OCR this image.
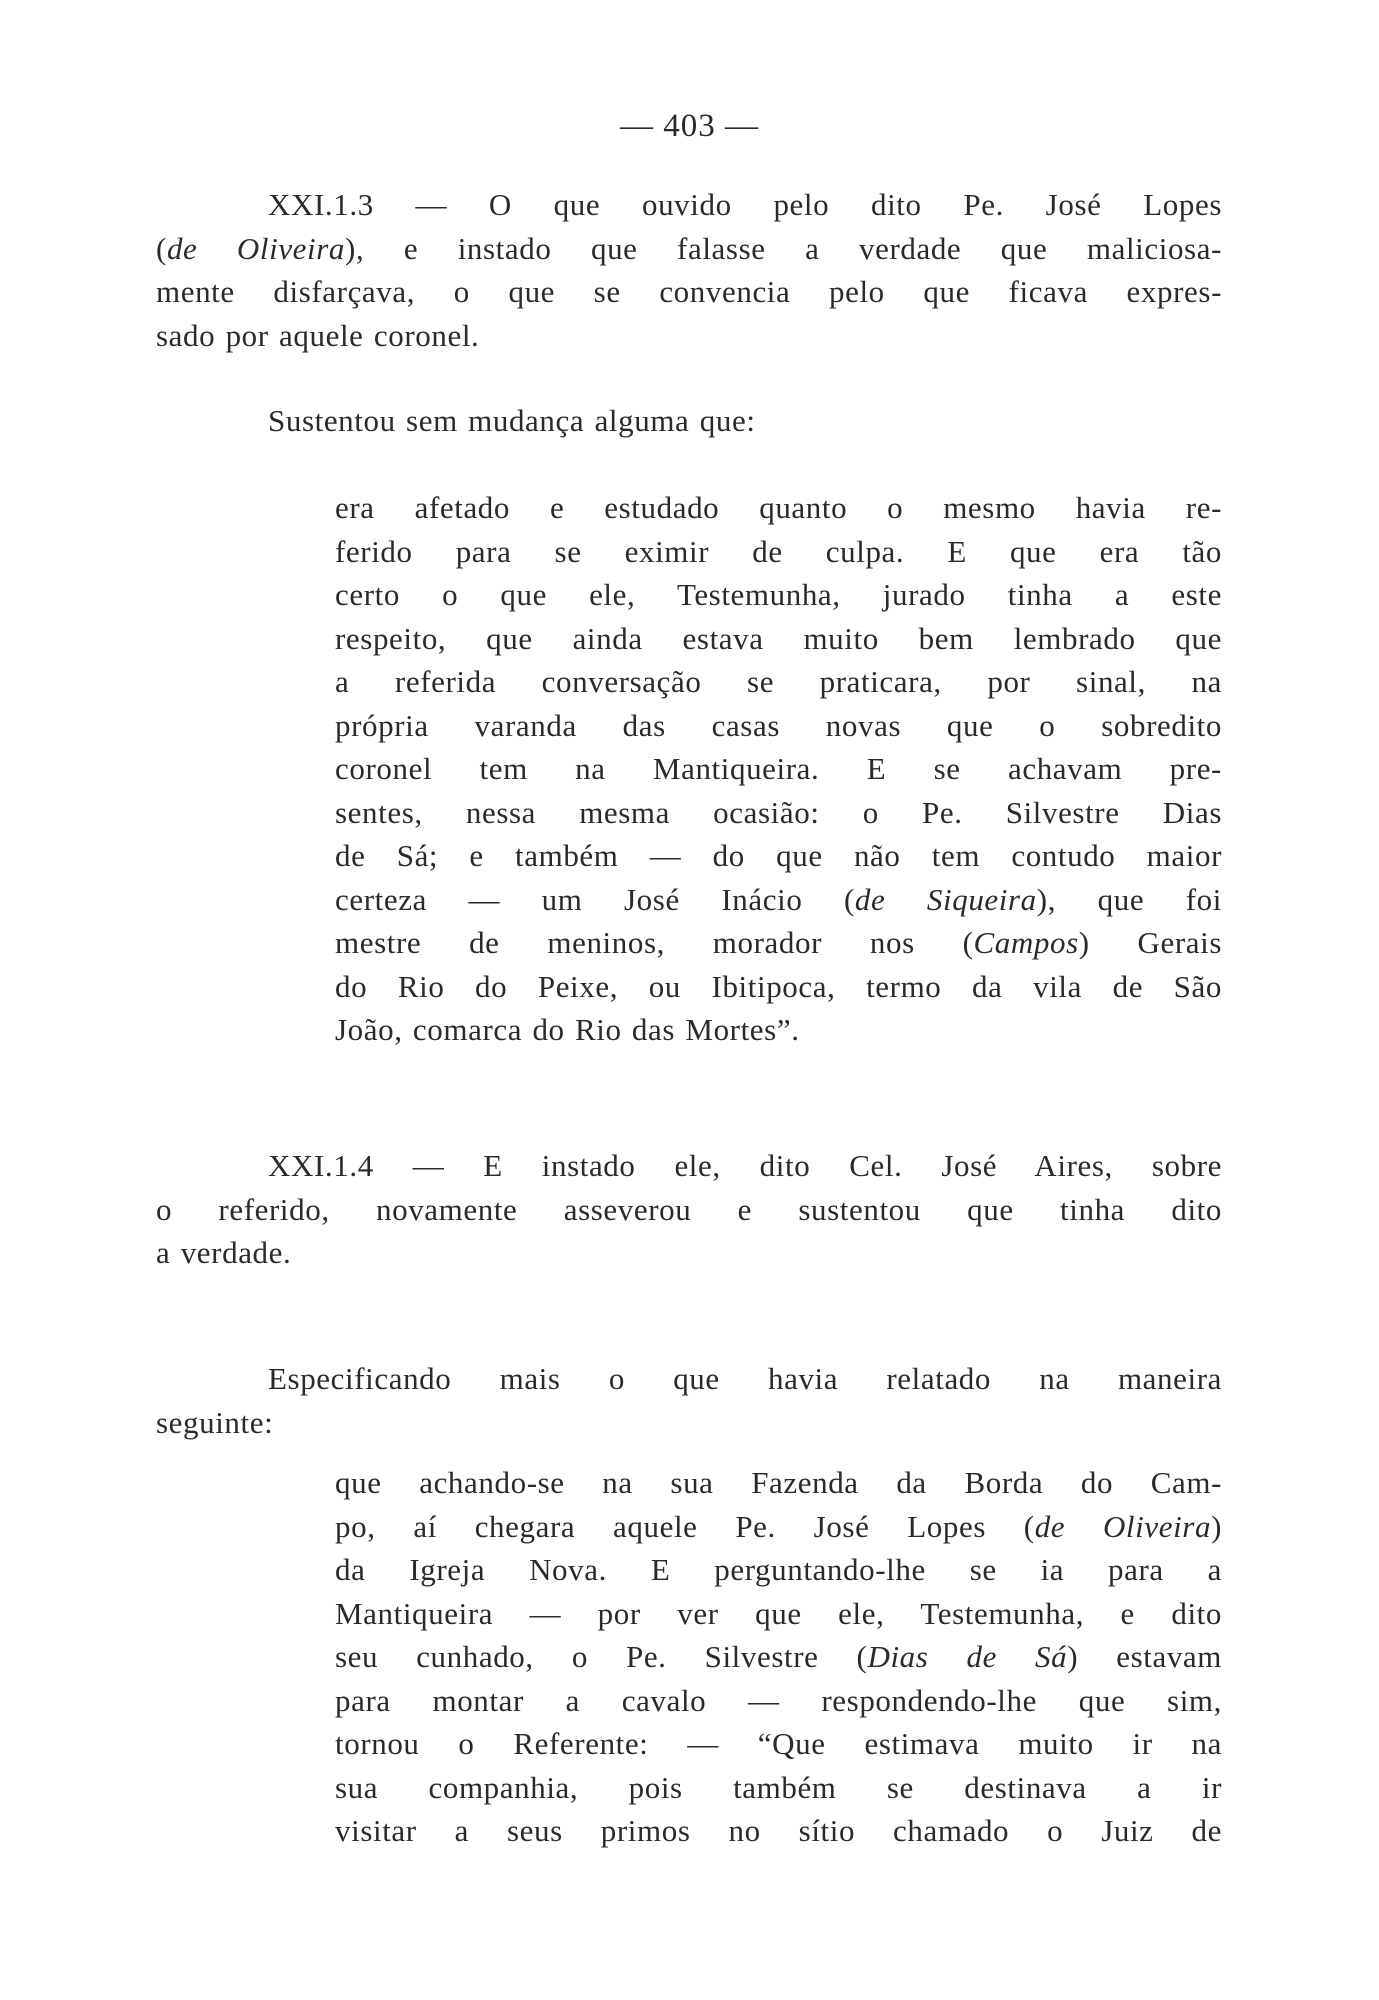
— 403 —
XXI.1.3 — O que ouvido pelo dito Pe. José Lopes
(de Oliveira), e instado que falasse a verdade que maliciosa-
mente disfarçava, o que se convencia pelo que ficava expres-
sado por aquele coronel.
Sustentou sem mudança alguma que:
era afetado e estudado quanto o mesmo havia re-
ferido para se eximir de culpa. E que era tão
certo o que ele, Testemunha, jurado tinha a este
respeito, que ainda estava muito bem lembrado que
a referida conversação se praticara, por sinal, na
própria varanda das casas novas que o sobredito
coronel tem na Mantiqueira. E se achavam pre-
sentes, nessa mesma ocasião: o Pe. Silvestre Dias
de Sá; e também — do que não tem contudo maior
certeza — um José Inácio (de Siqueira), que foi
mestre de meninos, morador nos (Campos) Gerais
do Rio do Peixe, ou Ibitipoca, termo da vila de São
João, comarca do Rio das Mortes”.
XXI.1.4 — E instado ele, dito Cel. José Aires, sobre
o referido, novamente asseverou e sustentou que tinha dito
a verdade.
Especificando mais o que havia relatado na maneira
seguinte:
que achando-se na sua Fazenda da Borda do Cam-
po, aí chegara aquele Pe. José Lopes (de Oliveira)
da Igreja Nova. E perguntando-lhe se ia para a
Mantiqueira — por ver que ele, Testemunha, e dito
seu cunhado, o Pe. Silvestre (Dias de Sá) estavam
para montar a cavalo — respondendo-lhe que sim,
tornou o Referente: — “Que estimava muito ir na
sua companhia, pois também se destinava a ir
visitar a seus primos no sítio chamado o Juiz de
